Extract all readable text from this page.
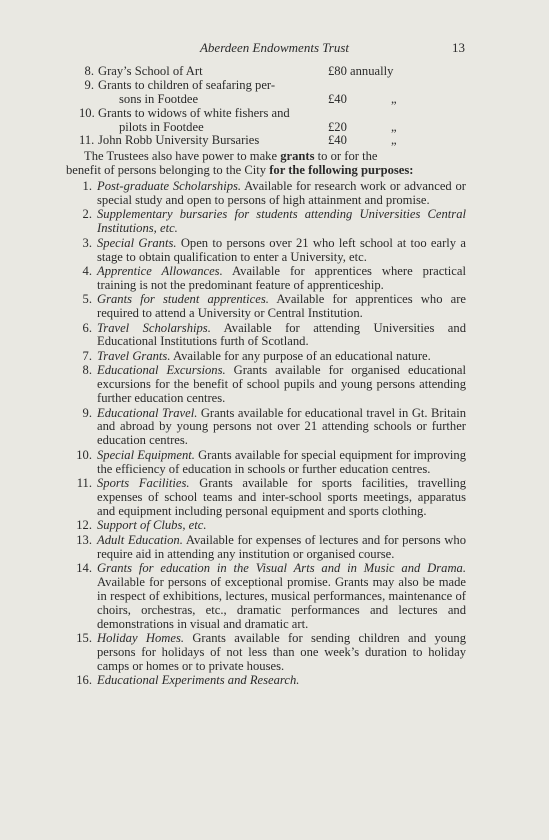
Aberdeen Endowments Trust	13
8. Gray’s School of Art	£80 annually
9. Grants to children of seafaring per-
sons in Footdee	£40	„
10. Grants to widows of white fishers and
pilots in Footdee	£20	„
11. John Robb University Bursaries	£40	„
The Trustees also have power to make grants to or for the
benefit of persons belonging to the City for the following purposes:
1. Post-graduate Scholarships. Available for research work or advanced or special study and open to persons of high attainment and promise.
2. Supplementary bursaries for students attending Universities Central Institutions, etc.
3. Special Grants. Open to persons over 21 who left school at too early a stage to obtain qualification to enter a University, etc.
4. Apprentice Allowances. Available for apprentices where practical training is not the predominant feature of apprenticeship.
5. Grants for student apprentices. Available for apprentices who are required to attend a University or Central Institution.
6. Travel Scholarships. Available for attending Universities and Educational Institutions furth of Scotland.
7. Travel Grants. Available for any purpose of an educational nature.
8. Educational Excursions. Grants available for organised educational excursions for the benefit of school pupils and young persons attending further education centres.
9. Educational Travel. Grants available for educational travel in Gt. Britain and abroad by young persons not over 21 attending schools or further education centres.
10. Special Equipment. Grants available for special equipment for improving the efficiency of education in schools or further education centres.
11. Sports Facilities. Grants available for sports facilities, travelling expenses of school teams and inter-school sports meetings, apparatus and equipment including personal equipment and sports clothing.
12. Support of Clubs, etc.
13. Adult Education. Available for expenses of lectures and for persons who require aid in attending any institution or organised course.
14. Grants for education in the Visual Arts and in Music and Drama. Available for persons of exceptional promise. Grants may also be made in respect of exhibitions, lectures, musical performances, maintenance of choirs, orchestras, etc., dramatic performances and lectures and demonstrations in visual and dramatic art.
15. Holiday Homes. Grants available for sending children and young persons for holidays of not less than one week’s duration to holiday camps or homes or to private houses.
16. Educational Experiments and Research.
